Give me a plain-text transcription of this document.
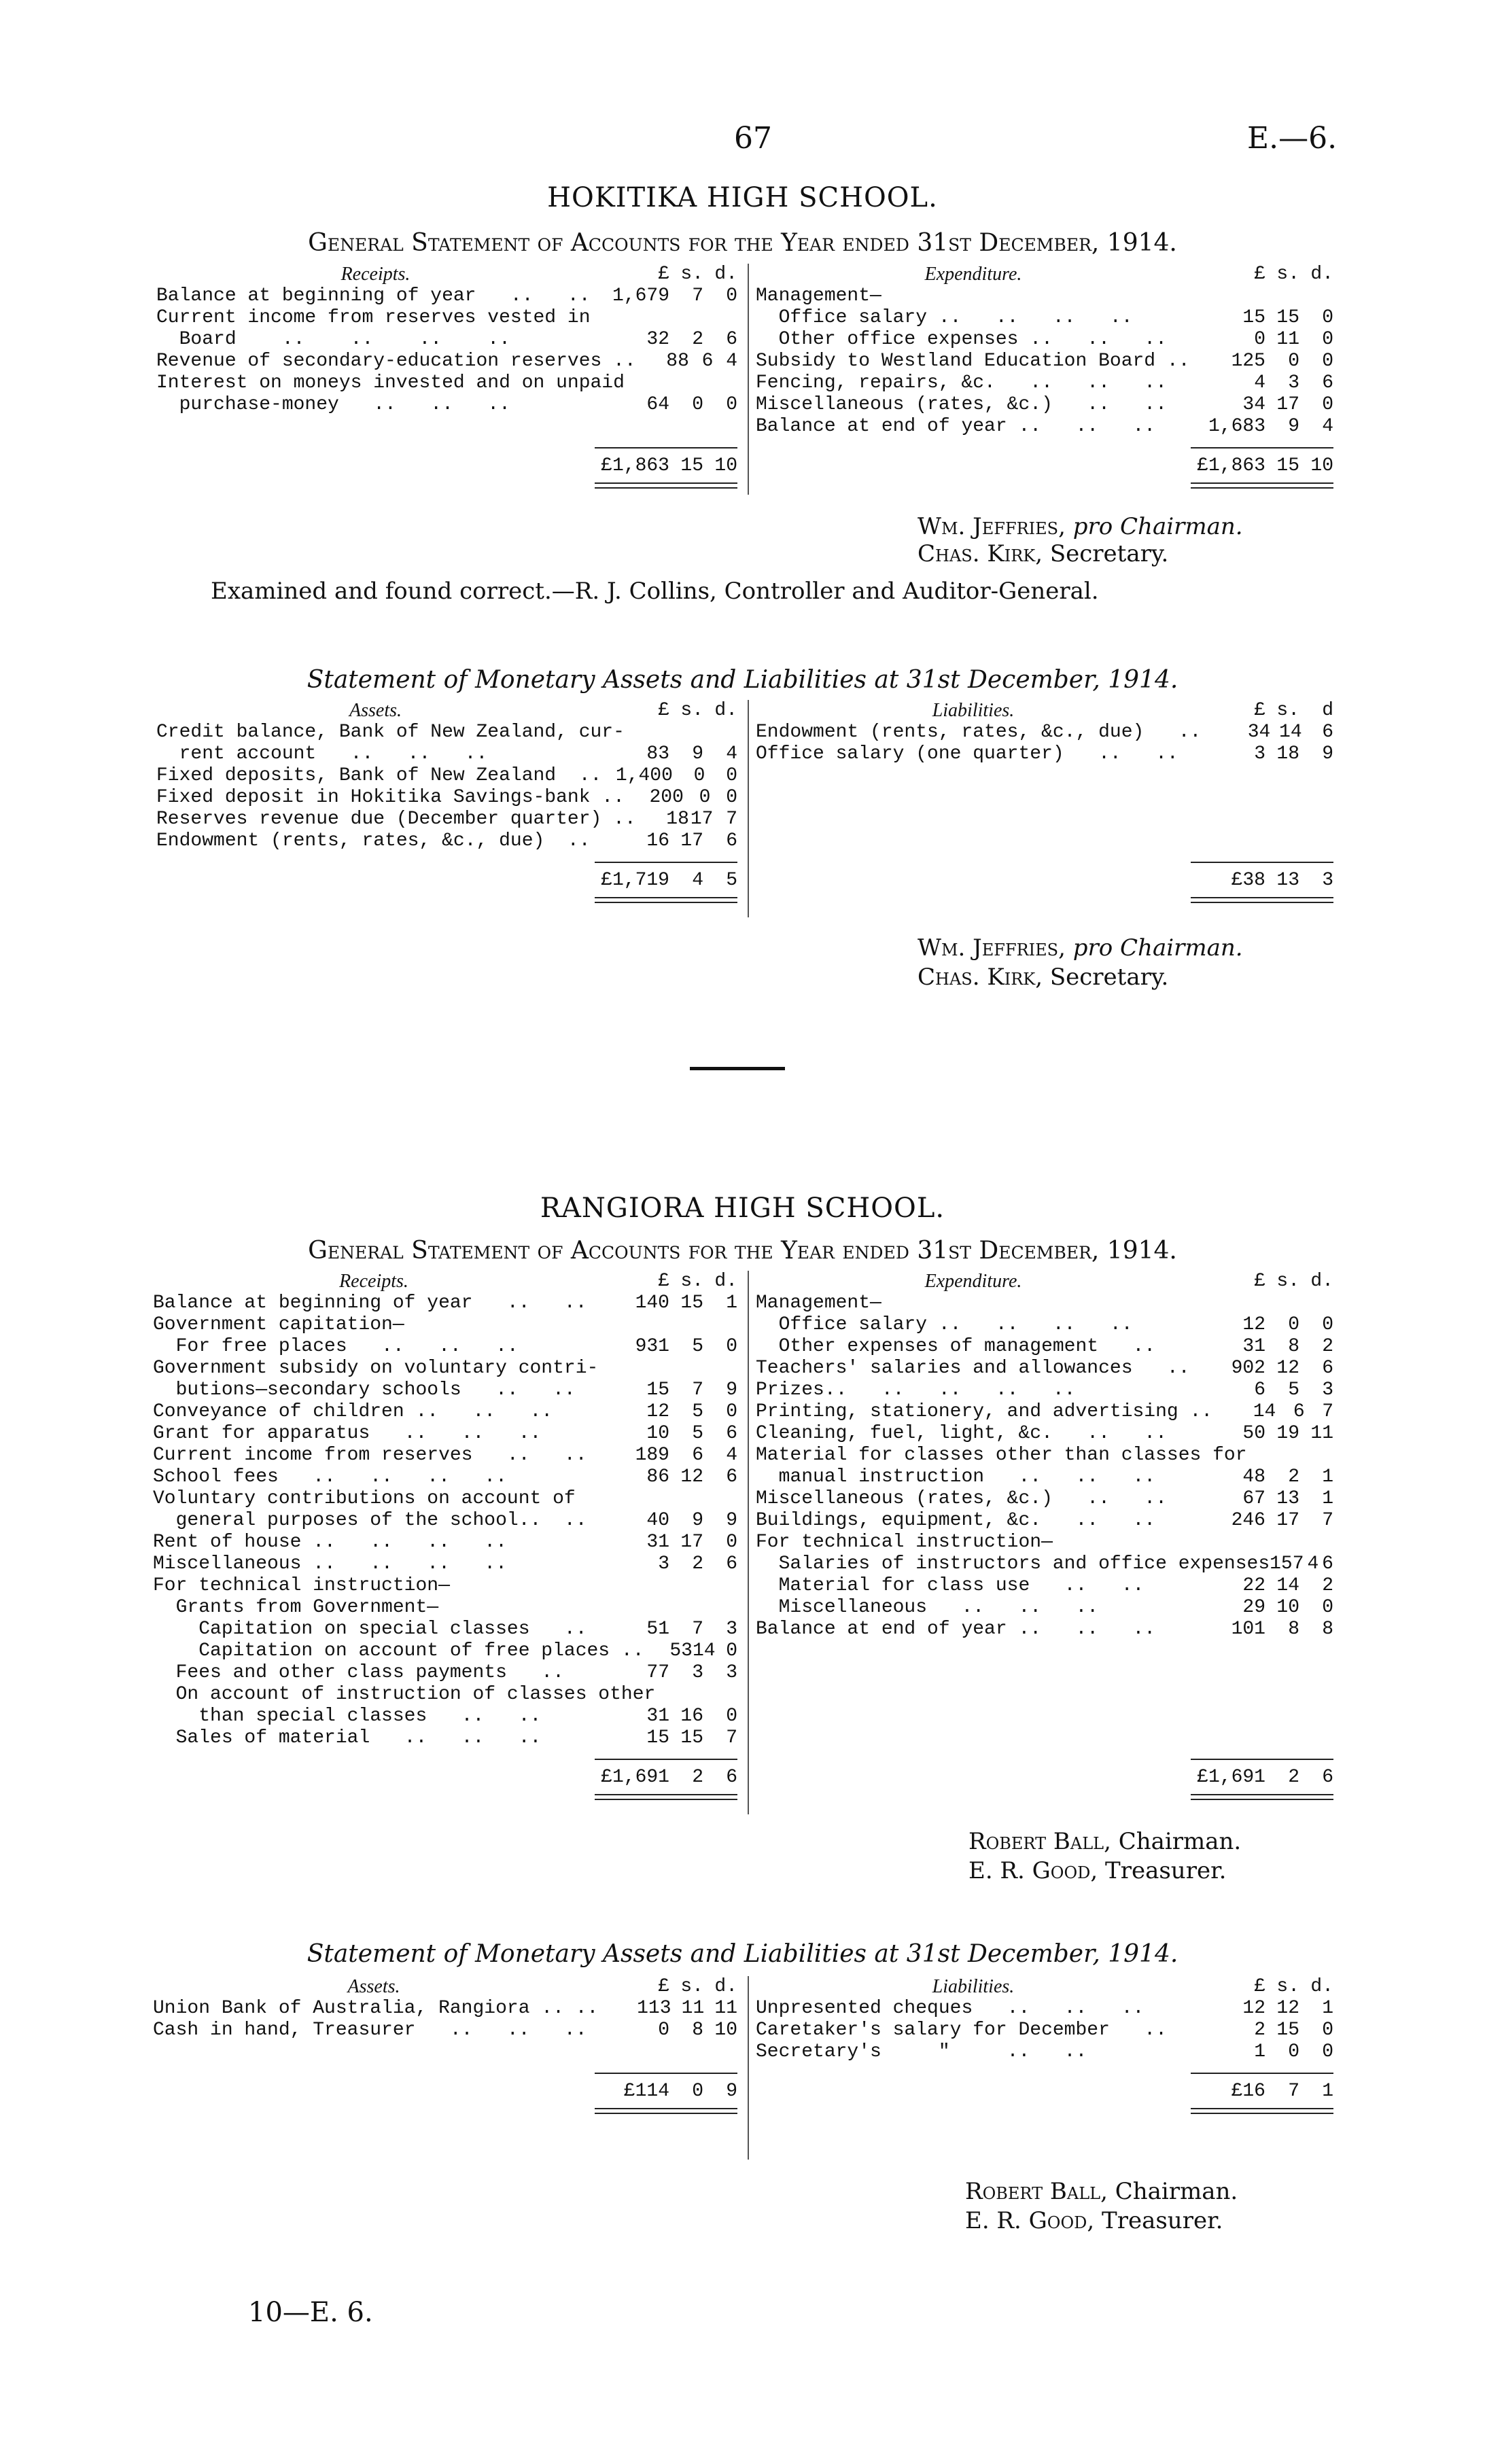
67	E.—6.
HOKITIKA HIGH SCHOOL.
General Statement of Accounts for the Year ended 31st December, 1914.
Receipts.	£ s. d.
Balance at beginning of year   ..   ..	1,679	7	0
Current income from reserves vested in
Board    ..    ..    ..    ..	32	2	6
Revenue of secondary-education reserves ..	88 6 4
Interest on moneys invested and on unpaid
purchase-money   ..   ..   ..	64	0	0
£1,863 15 10
Expenditure.	£ s. d.
Management—
Office salary ..   ..   ..   ..	15 15	0
Other office expenses ..   ..   ..	0 11	0
Subsidy to Westland Education Board ..	125	0	0
Fencing, repairs, &c.   ..   ..   ..	4	3	6
Miscellaneous (rates, &c.)   ..   ..	34 17	0
Balance at end of year ..   ..   ..	1,683	9	4
£1,863 15 10
Wm. Jeffries, pro Chairman.
Chas. Kirk, Secretary.
Examined and found correct.—R. J. Collins, Controller and Auditor-General.
Statement of Monetary Assets and Liabilities at 31st December, 1914.
Assets.	£ s. d.
Credit balance, Bank of New Zealand, cur-
rent account   ..   ..   ..	83	9	4
Fixed deposits, Bank of New Zealand  .. 1,400	0	0
Fixed deposit in Hokitika Savings-bank ..	200 0 0
Reserves revenue due (December quarter) ..	18 17 7
Endowment (rents, rates, &c., due)  ..	16 17	6
£1,719	4	5
Liabilities.	£ s.	d
Endowment (rents, rates, &c., due)   ..	34 14	6
Office salary (one quarter)   ..   ..	3 18	9
£38 13	3
Wm. Jeffries, pro Chairman.
Chas. Kirk, Secretary.
RANGIORA HIGH SCHOOL.
General Statement of Accounts for the Year ended 31st December, 1914.
Receipts.	£ s. d.
Balance at beginning of year   ..   ..	140 15	1
Government capitation—
For free places   ..   ..   ..	931	5	0
Government subsidy on voluntary contri-
butions—secondary schools   ..   ..	15	7	9
Conveyance of children ..   ..   ..	12	5	0
Grant for apparatus   ..   ..   ..	10	5	6
Current income from reserves   ..   ..	189	6	4
School fees   ..   ..   ..   ..	86 12	6
Voluntary contributions on account of
general purposes of the school..  ..	40	9	9
Rent of house ..   ..   ..   ..	31 17	0
Miscellaneous ..   ..   ..   ..	3	2	6
For technical instruction—
Grants from Government—
Capitation on special classes   ..	51	7	3
Capitation on account of free places ..	53 14 0
Fees and other class payments   ..	77	3	3
On account of instruction of classes other
than special classes   ..   ..	31 16	0
Sales of material   ..   ..   ..	15 15	7
£1,691	2	6
Expenditure.	£ s. d.
Management—
Office salary ..   ..   ..   ..	12	0	0
Other expenses of management   ..	31	8	2
Teachers' salaries and allowances   ..	902 12	6
Prizes..   ..   ..   ..   ..	6	5	3
Printing, stationery, and advertising ..	14 6 7
Cleaning, fuel, light, &c.   ..   ..	50 19 11
Material for classes other than classes for
manual instruction   ..   ..   ..	48	2	1
Miscellaneous (rates, &c.)   ..   ..	67 13	1
Buildings, equipment, &c.   ..   ..	246 17	7
For technical instruction—
Salaries of instructors and office expenses 157 4 6
Material for class use   ..   ..	22 14	2
Miscellaneous   ..   ..   ..	29 10	0
Balance at end of year ..   ..   ..	101	8	8
£1,691	2	6
Robert Ball, Chairman.
E. R. Good, Treasurer.
Statement of Monetary Assets and Liabilities at 31st December, 1914.
Assets.	£ s. d.
Union Bank of Australia, Rangiora .. ..	113 11 11
Cash in hand, Treasurer   ..   ..   ..	0	8 10
£114	0	9
Liabilities.	£ s. d.
Unpresented cheques   ..   ..   ..	12 12	1
Caretaker's salary for December   ..	2 15	0
Secretary's     "     ..   ..	1	0	0
£16	7	1
Robert Ball, Chairman.
E. R. Good, Treasurer.
10—E. 6.
